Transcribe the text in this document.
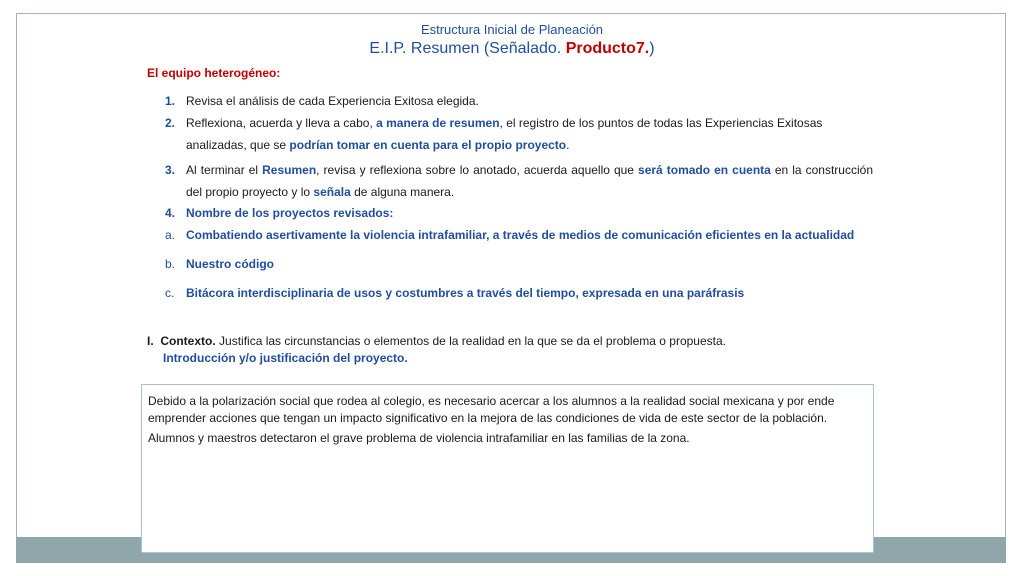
Estructura Inicial de Planeación
E.I.P. Resumen (Señalado. Producto7.)
El equipo heterogéneo:
1. Revisa el análisis de cada Experiencia Exitosa elegida.
2. Reflexiona, acuerda y lleva a cabo, a manera de resumen, el registro de los puntos de todas las Experiencias Exitosas analizadas, que se podrían tomar en cuenta para el propio proyecto.
3. Al terminar el Resumen, revisa y reflexiona sobre lo anotado, acuerda aquello que será tomado en cuenta en la construcción del propio proyecto y lo señala de alguna manera.
4. Nombre de los proyectos revisados:
a. Combatiendo asertivamente la violencia intrafamiliar, a través de medios de comunicación eficientes en la actualidad
b. Nuestro código
c. Bitácora interdisciplinaria de usos y costumbres a través del tiempo, expresada en una paráfrasis
I. Contexto. Justifica las circunstancias o elementos de la realidad en la que se da el problema o propuesta.
Introducción y/o justificación del proyecto.

Debido a la polarización social que rodea al colegio, es necesario acercar a los alumnos a la realidad social mexicana y por ende emprender acciones que tengan un impacto significativo en la mejora de las condiciones de vida de este sector de la población.

Alumnos y maestros detectaron el grave problema de violencia intrafamiliar en las familias de la zona.
